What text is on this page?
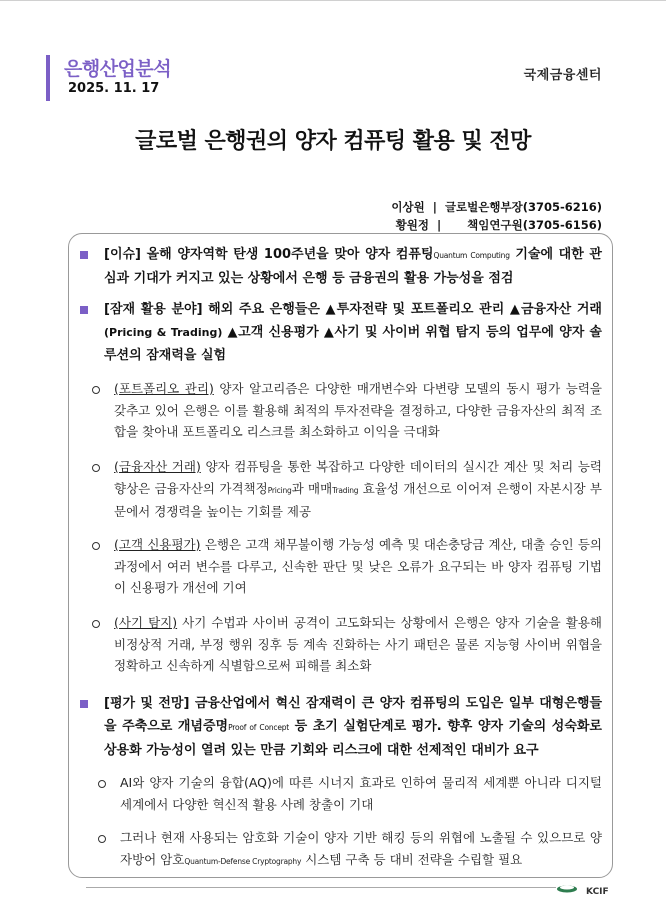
은행산업분석
2025. 11. 17
국제금융센터
글로벌 은행권의 양자 컴퓨팅 활용 및 전망
이상원 | 글로벌은행부장(3705-6216)
황원정 | 책임연구원(3705-6156)
[이슈] 올해 양자역학 탄생 100주년을 맞아 양자 컴퓨팅Quantum Computing 기술에 대한 관심과 기대가 커지고 있는 상황에서 은행 등 금융권의 활용 가능성을 점검
[잠재 활용 분야] 해외 주요 은행들은 ▲투자전략 및 포트폴리오 관리 ▲금융자산 거래 (Pricing & Trading) ▲고객 신용평가 ▲사기 및 사이버 위협 탐지 등의 업무에 양자 솔루션의 잠재력을 실험
(포트폴리오 관리) 양자 알고리즘은 다양한 매개변수와 다변량 모델의 동시 평가 능력을 갖추고 있어 은행은 이를 활용해 최적의 투자전략을 결정하고, 다양한 금융자산의 최적 조합을 찾아내 포트폴리오 리스크를 최소화하고 이익을 극대화
(금융자산 거래) 양자 컴퓨팅을 통한 복잡하고 다양한 데이터의 실시간 계산 및 처리 능력 향상은 금융자산의 가격책정Pricing과 매매Trading 효율성 개선으로 이어져 은행이 자본시장 부문에서 경쟁력을 높이는 기회를 제공
(고객 신용평가) 은행은 고객 채무불이행 가능성 예측 및 대손충당금 계산, 대출 승인 등의 과정에서 여러 변수를 다루고, 신속한 판단 및 낮은 오류가 요구되는 바 양자 컴퓨팅 기법이 신용평가 개선에 기여
(사기 탐지) 사기 수법과 사이버 공격이 고도화되는 상황에서 은행은 양자 기술을 활용해 비정상적 거래, 부정 행위 징후 등 계속 진화하는 사기 패턴은 물론 지능형 사이버 위협을 정확하고 신속하게 식별함으로써 피해를 최소화
[평가 및 전망] 금융산업에서 혁신 잠재력이 큰 양자 컴퓨팅의 도입은 일부 대형은행들을 주축으로 개념증명Proof of Concept 등 초기 실험단계로 평가. 향후 양자 기술의 성숙화로 상용화 가능성이 열려 있는 만큼 기회와 리스크에 대한 선제적인 대비가 요구
AI와 양자 기술의 융합(AQ)에 따른 시너지 효과로 인하여 물리적 세계뿐 아니라 디지털 세계에서 다양한 혁신적 활용 사례 창출이 기대
그러나 현재 사용되는 암호화 기술이 양자 기반 해킹 등의 위협에 노출될 수 있으므로 양자방어 암호Quantum-Defense Cryptography 시스템 구축 등 대비 전략을 수립할 필요
KCIF
